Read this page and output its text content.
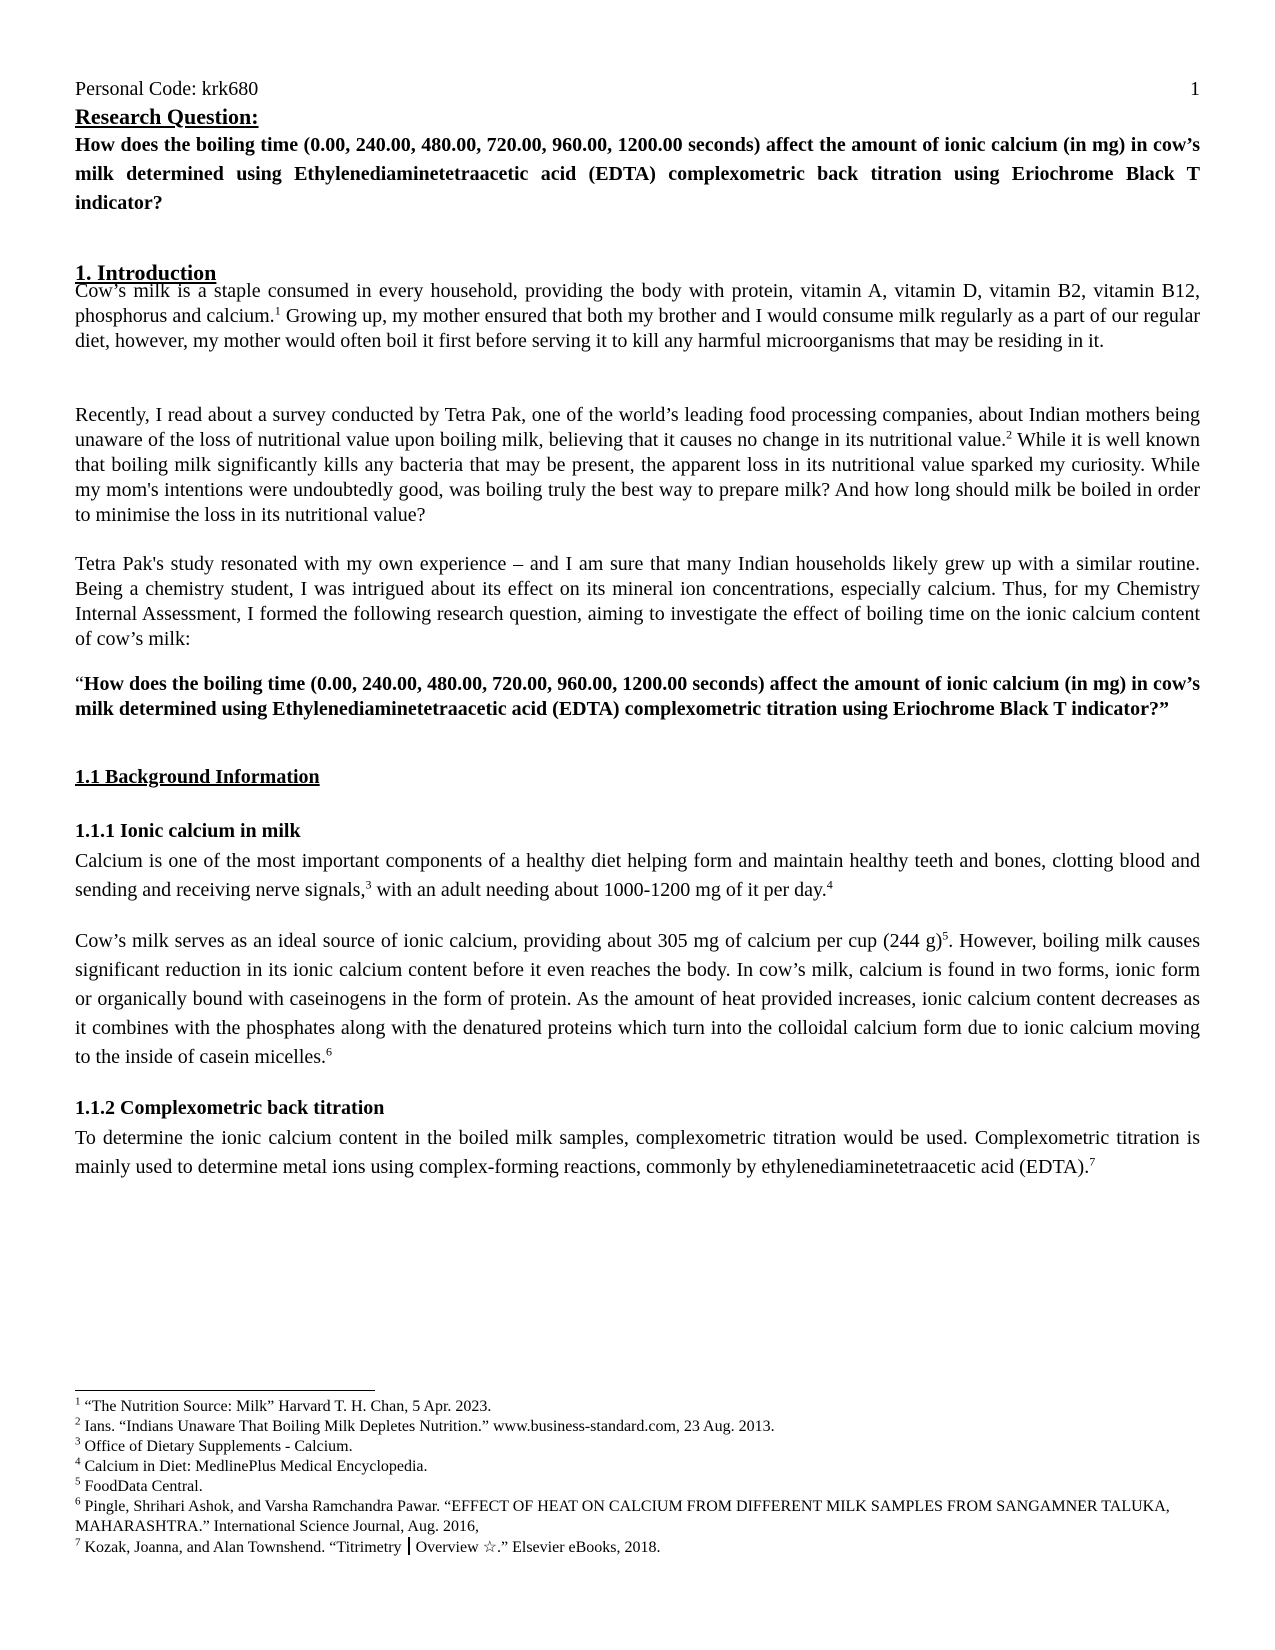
Personal Code: krk680	1
Research Question:
How does the boiling time (0.00, 240.00, 480.00, 720.00, 960.00, 1200.00 seconds) affect the amount of ionic calcium (in mg) in cow’s milk determined using Ethylenediaminetetraacetic acid (EDTA) complexometric back titration using Eriochrome Black T indicator?
1. Introduction

Cow’s milk is a staple consumed in every household, providing the body with protein, vitamin A, vitamin D, vitamin B2, vitamin B12, phosphorus and calcium.$^1$ Growing up, my mother ensured that both my brother and I would consume milk regularly as a part of our regular diet, however, my mother would often boil it first before serving it to kill any harmful microorganisms that may be residing in it.

Recently, I read about a survey conducted by Tetra Pak, one of the world’s leading food processing companies, about Indian mothers being unaware of the loss of nutritional value upon boiling milk, believing that it causes no change in its nutritional value.$^2$ While it is well known that boiling milk significantly kills any bacteria that may be present, the apparent loss in its nutritional value sparked my curiosity. While my mom's intentions were undoubtedly good, was boiling truly the best way to prepare milk? And how long should milk be boiled in order to minimise the loss in its nutritional value?

Tetra Pak's study resonated with my own experience – and I am sure that many Indian households likely grew up with a similar routine. Being a chemistry student, I was intrigued about its effect on its mineral ion concentrations, especially calcium. Thus, for my Chemistry Internal Assessment, I formed the following research question, aiming to investigate the effect of boiling time on the ionic calcium content of cow’s milk:

“How does the boiling time (0.00, 240.00, 480.00, 720.00, 960.00, 1200.00 seconds) affect the amount of ionic calcium (in mg) in cow’s milk determined using Ethylenediaminetetraacetic acid (EDTA) complexometric titration using Eriochrome Black T indicator?”

1.1 Background Information
1.1.1 Ionic calcium in milk

Calcium is one of the most important components of a healthy diet helping form and maintain healthy teeth and bones, clotting blood and sending and receiving nerve signals,$^3$ with an adult needing about 1000-1200 mg of it per day.$^4$

Cow’s milk serves as an ideal source of ionic calcium, providing about 305 mg of calcium per cup (244 g)$^5$. However, boiling milk causes significant reduction in its ionic calcium content before it even reaches the body. In cow’s milk, calcium is found in two forms, ionic form or organically bound with caseinogens in the form of protein. As the amount of heat provided increases, ionic calcium content decreases as it combines with the phosphates along with the denatured proteins which turn into the colloidal calcium form due to ionic calcium moving to the inside of casein micelles.$^6$

1.1.2 Complexometric back titration

To determine the ionic calcium content in the boiled milk samples, complexometric titration would be used. Complexometric titration is mainly used to determine metal ions using complex-forming reactions, commonly by ethylenediaminetetraacetic acid (EDTA).$^7$

$^1$ “The Nutrition Source: Milk” Harvard T. H. Chan, 5 Apr. 2023.

$^2$ Ians. “Indians Unaware That Boiling Milk Depletes Nutrition.” www.business-standard.com, 23 Aug. 2013.

$^3$ Office of Dietary Supplements - Calcium.

$^4$ Calcium in Diet: MedlinePlus Medical Encyclopedia.

$^5$ FoodData Central.

$^6$ Pingle, Shrihari Ashok, and Varsha Ramchandra Pawar. “EFFECT OF HEAT ON CALCIUM FROM DIFFERENT MILK SAMPLES FROM SANGAMNER TALUKA, MAHARASHTRA.” International Science Journal, Aug. 2016,

$^7$ Kozak, Joanna, and Alan Townshend. “Titrimetry Overview ☆.” Elsevier eBooks, 2018.
